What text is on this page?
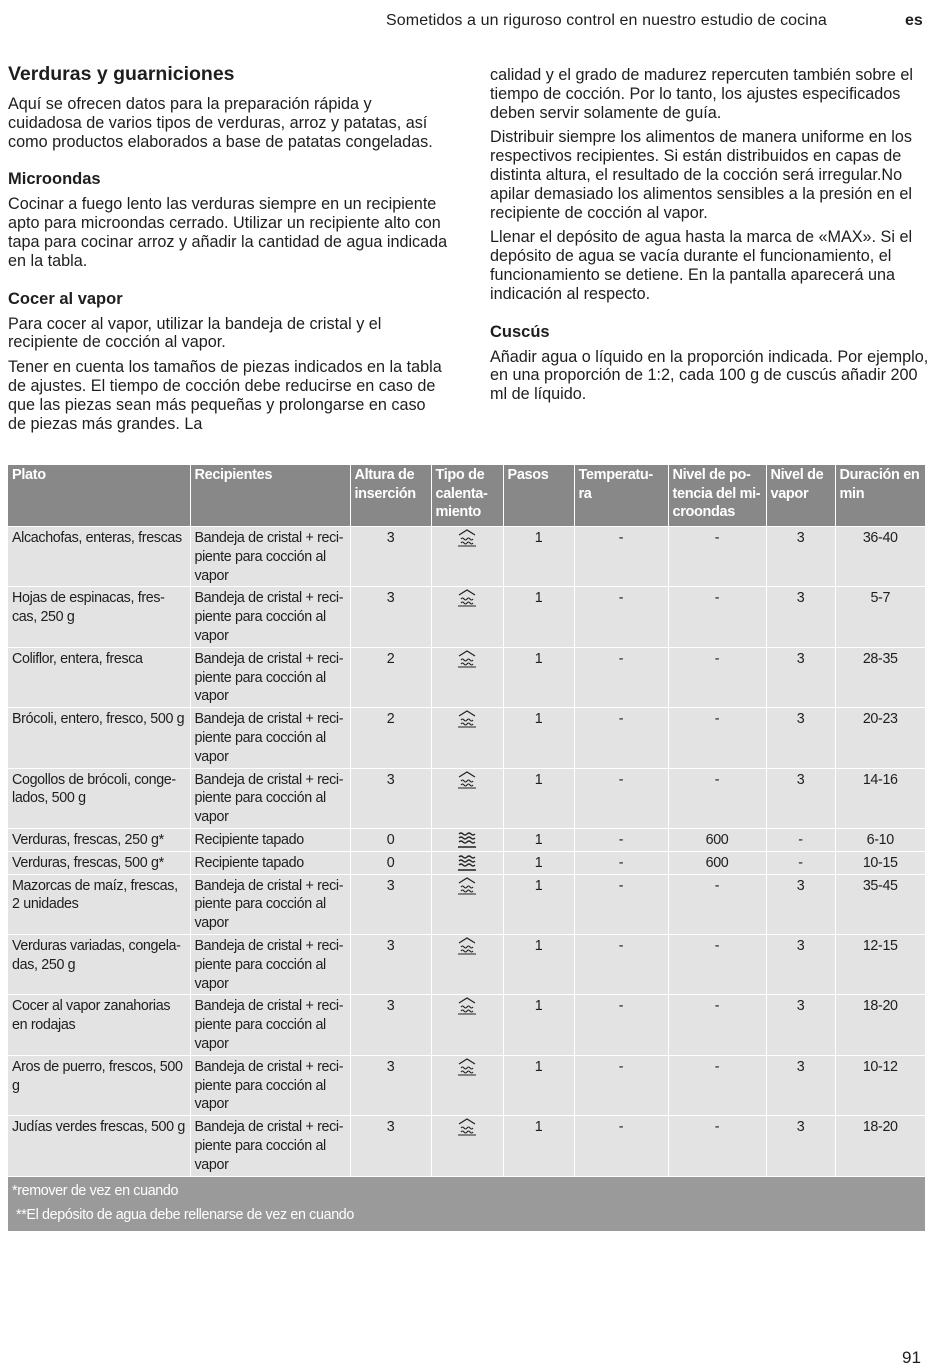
Sometidos a un riguroso control en nuestro estudio de cocina	es
Verduras y guarniciones

Aquí se ofrecen datos para la preparación rápida y cuidadosa de varios tipos de verduras, arroz y patatas, así como productos elaborados a base de patatas congeladas.

Microondas

Cocinar a fuego lento las verduras siempre en un recipiente apto para microondas cerrado. Utilizar un recipiente alto con tapa para cocinar arroz y añadir la cantidad de agua indicada en la tabla.

Cocer al vapor

Para cocer al vapor, utilizar la bandeja de cristal y el recipiente de cocción al vapor.

Tener en cuenta los tamaños de piezas indicados en la tabla de ajustes. El tiempo de cocción debe reducirse en caso de que las piezas sean más pequeñas y prolongarse en caso de piezas más grandes. La

calidad y el grado de madurez repercuten también sobre el tiempo de cocción. Por lo tanto, los ajustes especificados deben servir solamente de guía.

Distribuir siempre los alimentos de manera uniforme en los respectivos recipientes. Si están distribuidos en capas de distinta altura, el resultado de la cocción será irregular.No apilar demasiado los alimentos sensibles a la presión en el recipiente de cocción al vapor.

Llenar el depósito de agua hasta la marca de «MAX». Si el depósito de agua se vacía durante el funcionamiento, el funcionamiento se detiene. En la pantalla aparecerá una indicación al respecto.

Cuscús

Añadir agua o líquido en la proporción indicada. Por ejemplo, en una proporción de 1:2, cada 100 g de cuscús añadir 200 ml de líquido.

Plato	Recipientes	Altura de inserción	Tipo de calenta-miento	Pasos	Temperatu-ra	Nivel de po-tencia del mi-croondas	Nivel de vapor	Duración en min
Alcachofas, enteras, frescas	Bandeja de cristal + reci-piente para cocción al vapor	3		1	-	-	3	36-40
Hojas de espinacas, fres-cas, 250 g	Bandeja de cristal + reci-piente para cocción al vapor	3		1	-	-	3	5-7
Coliflor, entera, fresca	Bandeja de cristal + reci-piente para cocción al vapor	2		1	-	-	3	28-35
Brócoli, entero, fresco, 500 g	Bandeja de cristal + reci-piente para cocción al vapor	2		1	-	-	3	20-23
Cogollos de brócoli, conge-lados, 500 g	Bandeja de cristal + reci-piente para cocción al vapor	3		1	-	-	3	14-16
Verduras, frescas, 250 g*	Recipiente tapado	0		1	-	600	-	6-10
Verduras, frescas, 500 g*	Recipiente tapado	0		1	-	600	-	10-15
Mazorcas de maíz, frescas, 2 unidades	Bandeja de cristal + reci-piente para cocción al vapor	3		1	-	-	3	35-45
Verduras variadas, congela-das, 250 g	Bandeja de cristal + reci-piente para cocción al vapor	3		1	-	-	3	12-15
Cocer al vapor zanahorias en rodajas	Bandeja de cristal + reci-piente para cocción al vapor	3		1	-	-	3	18-20
Aros de puerro, frescos, 500 g	Bandeja de cristal + reci-piente para cocción al vapor	3		1	-	-	3	10-12
Judías verdes frescas, 500 g	Bandeja de cristal + reci-piente para cocción al vapor	3		1	-	-	3	18-20

*remover de vez en cuando
**El depósito de agua debe rellenarse de vez en cuando								
91
